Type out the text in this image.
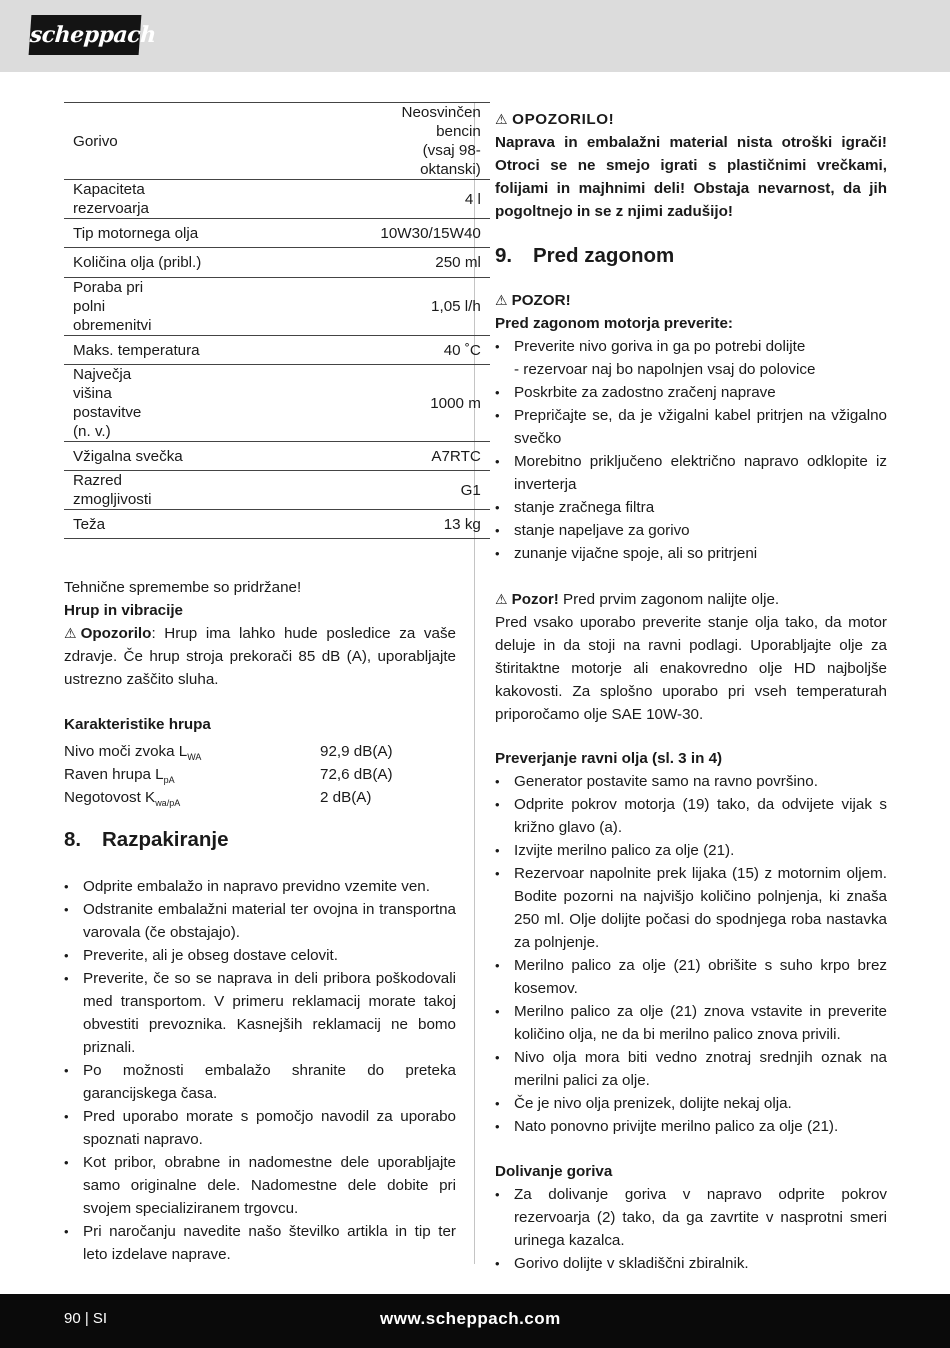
scheppach
Gorivo	Neosvinčen bencin (vsaj 98-oktanski)
Kapaciteta rezervoarja	4 l
Tip motornega olja	10W30/15W40
Količina olja (pribl.)	250 ml
Poraba pri polni obremenitvi	1,05 l/h
Maks. temperatura	40 ˚C
Največja višina postavitve (n. v.)	1000 m
Vžigalna svečka	A7RTC
Razred zmogljivosti	G1
Teža	13 kg

Tehnične spremembe so pridržane!

Hrup in vibracije

⚠ Opozorilo: Hrup ima lahko hude posledice za vaše zdravje. Če hrup stroja prekorači 85 dB (A), uporabljajte ustrezno zaščito sluha.

Karakteristike hrupa

Nivo moči zvoka $L_{WA}$	92,9 dB(A)
Raven hrupa $L_{pA}$	72,6 dB(A)
Negotovost $K_{wa/pA}$	2 dB(A)
8. Razpakiranje
• Odprite embalažo in napravo previdno vzemite ven.
• Odstranite embalažni material ter ovojna in transportna varovala (če obstajajo).
• Preverite, ali je obseg dostave celovit.
• Preverite, če so se naprava in deli pribora poškodovali med transportom. V primeru reklamacij morate takoj obvestiti prevoznika. Kasnejših reklamacij ne bomo priznali.
• Po možnosti embalažo shranite do preteka garancijskega časa.
• Pred uporabo morate s pomočjo navodil za uporabo spoznati napravo.
• Kot pribor, obrabne in nadomestne dele uporabljajte samo originalne dele. Nadomestne dele dobite pri svojem specializiranem trgovcu.
• Pri naročanju navedite našo številko artikla in tip ter leto izdelave naprave.

⚠ OPOZORILO!

Naprava in embalažni material nista otroški igrači! Otroci se ne smejo igrati s plastičnimi vrečkami, folijami in majhnimi deli! Obstaja nevarnost, da jih pogoltnejo in se z njimi zadušijo!

9. Pred zagonom

⚠ POZOR!

Pred zagonom motorja preverite:

• Preverite nivo goriva in ga po potrebi dolijte

- rezervoar naj bo napolnjen vsaj do polovice

• Poskrbite za zadostno zračenj naprave
• Prepričajte se, da je vžigalni kabel pritrjen na vžigalno svečko
• Morebitno priključeno električno napravo odklopite iz inverterja
• stanje zračnega filtra
• stanje napeljave za gorivo
• zunanje vijačne spoje, ali so pritrjeni

⚠ Pozor! Pred prvim zagonom nalijte olje.

Pred vsako uporabo preverite stanje olja tako, da motor deluje in da stoji na ravni podlagi. Uporabljajte olje za štiritaktne motorje ali enakovredno olje HD najboljše kakovosti. Za splošno uporabo pri vseh temperaturah priporočamo olje SAE 10W-30.

Preverjanje ravni olja (sl. 3 in 4)

• Generator postavite samo na ravno površino.
• Odprite pokrov motorja (19) tako, da odvijete vijak s križno glavo (a).
• Izvijte merilno palico za olje (21).
• Rezervoar napolnite prek lijaka (15) z motornim oljem. Bodite pozorni na najvišjo količino polnjenja, ki znaša 250 ml. Olje dolijte počasi do spodnjega roba nastavka za polnjenje.
• Merilno palico za olje (21) obrišite s suho krpo brez kosemov.
• Merilno palico za olje (21) znova vstavite in preverite količino olja, ne da bi merilno palico znova privili.
• Nivo olja mora biti vedno znotraj srednjih oznak na merilni palici za olje.
• Če je nivo olja prenizek, dolijte nekaj olja.
• Nato ponovno privijte merilno palico za olje (21).

Dolivanje goriva

• Za dolivanje goriva v napravo odprite pokrov rezervoarja (2) tako, da ga zavrtite v nasprotni smeri urinega kazalca.
• Gorivo dolijte v skladiščni zbiralnik.
90 | SI	www.scheppach.com
